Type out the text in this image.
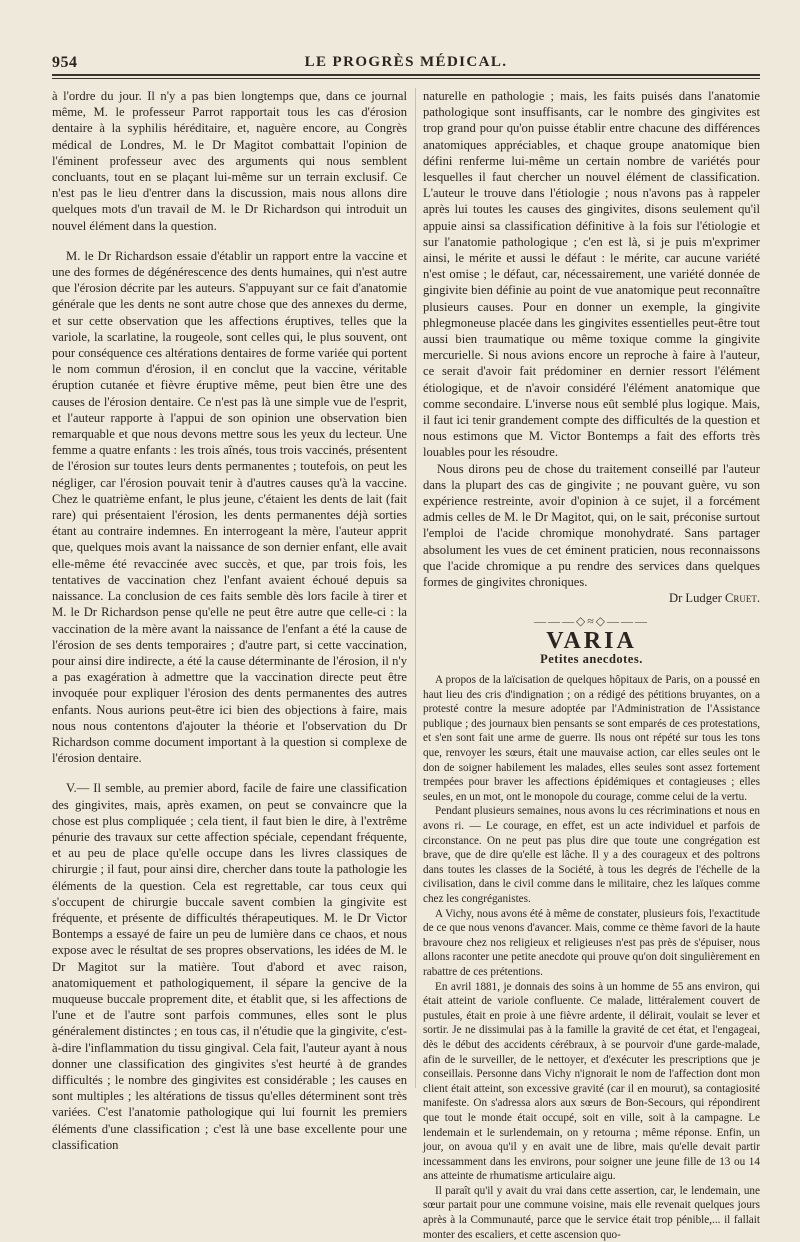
954	LE PROGRÈS MÉDICAL.

à l'ordre du jour. Il n'y a pas bien longtemps que, dans ce journal même, M. le professeur Parrot rapportait tous les cas d'érosion dentaire à la syphilis héréditaire, et, naguère encore, au Congrès médical de Londres, M. le Dr Magitot combattait l'opinion de l'éminent professeur avec des arguments qui nous semblent concluants, tout en se plaçant lui-même sur un terrain exclusif. Ce n'est pas le lieu d'entrer dans la discussion, mais nous allons dire quelques mots d'un travail de M. le Dr Richardson qui introduit un nouvel élément dans la question.

M. le Dr Richardson essaie d'établir un rapport entre la vaccine et une des formes de dégénérescence des dents humaines, qui n'est autre que l'érosion décrite par les auteurs. S'appuyant sur ce fait d'anatomie générale que les dents ne sont autre chose que des annexes du derme, et sur cette observation que les affections éruptives, telles que la variole, la scarlatine, la rougeole, sont celles qui, le plus souvent, ont pour conséquence ces altérations dentaires de forme variée qui portent le nom commun d'érosion, il en conclut que la vaccine, véritable éruption cutanée et fièvre éruptive même, peut bien être une des causes de l'érosion dentaire. Ce n'est pas là une simple vue de l'esprit, et l'auteur rapporte à l'appui de son opinion une observation bien remarquable et que nous devons mettre sous les yeux du lecteur. Une femme a quatre enfants : les trois aînés, tous trois vaccinés, présentent de l'érosion sur toutes leurs dents permanentes ; toutefois, on peut les négliger, car l'érosion pouvait tenir à d'autres causes qu'à la vaccine. Chez le quatrième enfant, le plus jeune, c'étaient les dents de lait (fait rare) qui présentaient l'érosion, les dents permanentes déjà sorties étant au contraire indemnes. En interrogeant la mère, l'auteur apprit que, quelques mois avant la naissance de son dernier enfant, elle avait elle-même été revaccinée avec succès, et que, par trois fois, les tentatives de vaccination chez l'enfant avaient échoué depuis sa naissance. La conclusion de ces faits semble dès lors facile à tirer et M. le Dr Richardson pense qu'elle ne peut être autre que celle-ci : la vaccination de la mère avant la naissance de l'enfant a été la cause de l'érosion de ses dents temporaires ; d'autre part, si cette vaccination, pour ainsi dire indirecte, a été la cause déterminante de l'érosion, il n'y a pas exagération à admettre que la vaccination directe peut être invoquée pour expliquer l'érosion des dents permanentes des autres enfants. Nous aurions peut-être ici bien des objections à faire, mais nous nous contentons d'ajouter la théorie et l'observation du Dr Richardson comme document important à la question si complexe de l'érosion dentaire.

V.— Il semble, au premier abord, facile de faire une classification des gingivites, mais, après examen, on peut se convaincre que la chose est plus compliquée ; cela tient, il faut bien le dire, à l'extrême pénurie des travaux sur cette affection spéciale, cependant fréquente, et au peu de place qu'elle occupe dans les livres classiques de chirurgie ; il faut, pour ainsi dire, chercher dans toute la pathologie les éléments de la question. Cela est regrettable, car tous ceux qui s'occupent de chirurgie buccale savent combien la gingivite est fréquente, et présente de difficultés thérapeutiques. M. le Dr Victor Bontemps a essayé de faire un peu de lumière dans ce chaos, et nous expose avec le résultat de ses propres observations, les idées de M. le Dr Magitot sur la matière. Tout d'abord et avec raison, anatomiquement et pathologiquement, il sépare la gencive de la muqueuse buccale proprement dite, et établit que, si les affections de l'une et de l'autre sont parfois communes, elles sont le plus généralement distinctes ; en tous cas, il n'étudie que la gingivite, c'est-à-dire l'inflammation du tissu gingival. Cela fait, l'auteur ayant à nous donner une classification des gingivites s'est heurté à de grandes difficultés ; le nombre des gingivites est considérable ; les causes en sont multiples ; les altérations de tissus qu'elles déterminent sont très variées. C'est l'anatomie pathologique qui lui fournit les premiers éléments d'une classification ; c'est là une base excellente pour une classification

naturelle en pathologie ; mais, les faits puisés dans l'anatomie pathologique sont insuffisants, car le nombre des gingivites est trop grand pour qu'on puisse établir entre chacune des différences anatomiques appréciables, et chaque groupe anatomique bien défini renferme lui-même un certain nombre de variétés pour lesquelles il faut chercher un nouvel élément de classification. L'auteur le trouve dans l'étiologie ; nous n'avons pas à rappeler après lui toutes les causes des gingivites, disons seulement qu'il appuie ainsi sa classification définitive à la fois sur l'étiologie et sur l'anatomie pathologique ; c'en est là, si je puis m'exprimer ainsi, le mérite et aussi le défaut : le mérite, car aucune variété n'est omise ; le défaut, car, nécessairement, une variété donnée de gingivite bien définie au point de vue anatomique peut reconnaître plusieurs causes. Pour en donner un exemple, la gingivite phlegmoneuse placée dans les gingivites essentielles peut-être tout aussi bien traumatique ou même toxique comme la gingivite mercurielle. Si nous avions encore un reproche à faire à l'auteur, ce serait d'avoir fait prédominer en dernier ressort l'élément étiologique, et de n'avoir considéré l'élément anatomique que comme secondaire. L'inverse nous eût semblé plus logique. Mais, il faut ici tenir grandement compte des difficultés de la question et nous estimons que M. Victor Bontemps a fait des efforts très louables pour les résoudre.

Nous dirons peu de chose du traitement conseillé par l'auteur dans la plupart des cas de gingivite ; ne pouvant guère, vu son expérience restreinte, avoir d'opinion à ce sujet, il a forcément admis celles de M. le Dr Magitot, qui, on le sait, préconise surtout l'emploi de l'acide chromique monohydraté. Sans partager absolument les vues de cet éminent praticien, nous reconnaissons que l'acide chromique a pu rendre des services dans quelques formes de gingivites chroniques.

Dr Ludger Cruet.
———◇≈◇———
VARIA
Petites anecdotes.

A propos de la laïcisation de quelques hôpitaux de Paris, on a poussé en haut lieu des cris d'indignation ; on a rédigé des pétitions bruyantes, on a protesté contre la mesure adoptée par l'Administration de l'Assistance publique ; des journaux bien pensants se sont emparés de ces protestations, et s'en sont fait une arme de guerre. Ils nous ont répété sur tous les tons que, renvoyer les sœurs, était une mauvaise action, car elles seules ont le don de soigner habilement les malades, elles seules sont assez fortement trempées pour braver les affections épidémiques et contagieuses ; elles seules, en un mot, ont le monopole du courage, comme celui de la vertu.

Pendant plusieurs semaines, nous avons lu ces récriminations et nous en avons ri. — Le courage, en effet, est un acte individuel et parfois de circonstance. On ne peut pas plus dire que toute une congrégation est brave, que de dire qu'elle est lâche. Il y a des courageux et des poltrons dans toutes les classes de la Société, à tous les degrés de l'échelle de la civilisation, dans le civil comme dans le militaire, chez les laïques comme chez les congréganistes.

A Vichy, nous avons été à même de constater, plusieurs fois, l'exactitude de ce que nous venons d'avancer. Mais, comme ce thème favori de la haute bravoure chez nos religieux et religieuses n'est pas près de s'épuiser, nous allons raconter une petite anecdote qui prouve qu'on doit singulièrement en rabattre de ces prétentions.

En avril 1881, je donnais des soins à un homme de 55 ans environ, qui était atteint de variole confluente. Ce malade, littéralement couvert de pustules, était en proie à une fièvre ardente, il délirait, voulait se lever et sortir. Je ne dissimulai pas à la famille la gravité de cet état, et l'engageai, dès le début des accidents cérébraux, à se pourvoir d'une garde-malade, afin de le surveiller, de le nettoyer, et d'exécuter les prescriptions que je conseillais. Personne dans Vichy n'ignorait le nom de l'affection dont mon client était atteint, son excessive gravité (car il en mourut), sa contagiosité manifeste. On s'adressa alors aux sœurs de Bon-Secours, qui répondirent que tout le monde était occupé, soit en ville, soit à la campagne. Le lendemain et le surlendemain, on y retourna ; même réponse. Enfin, un jour, on avoua qu'il y en avait une de libre, mais qu'elle devait partir incessamment dans les environs, pour soigner une jeune fille de 13 ou 14 ans atteinte de rhumatisme articulaire aigu.

Il paraît qu'il y avait du vrai dans cette assertion, car, le lendemain, une sœur partait pour une commune voisine, mais elle revenait quelques jours après à la Communauté, parce que le service était trop pénible,... il fallait monter des escaliers, et cette ascension quo-
